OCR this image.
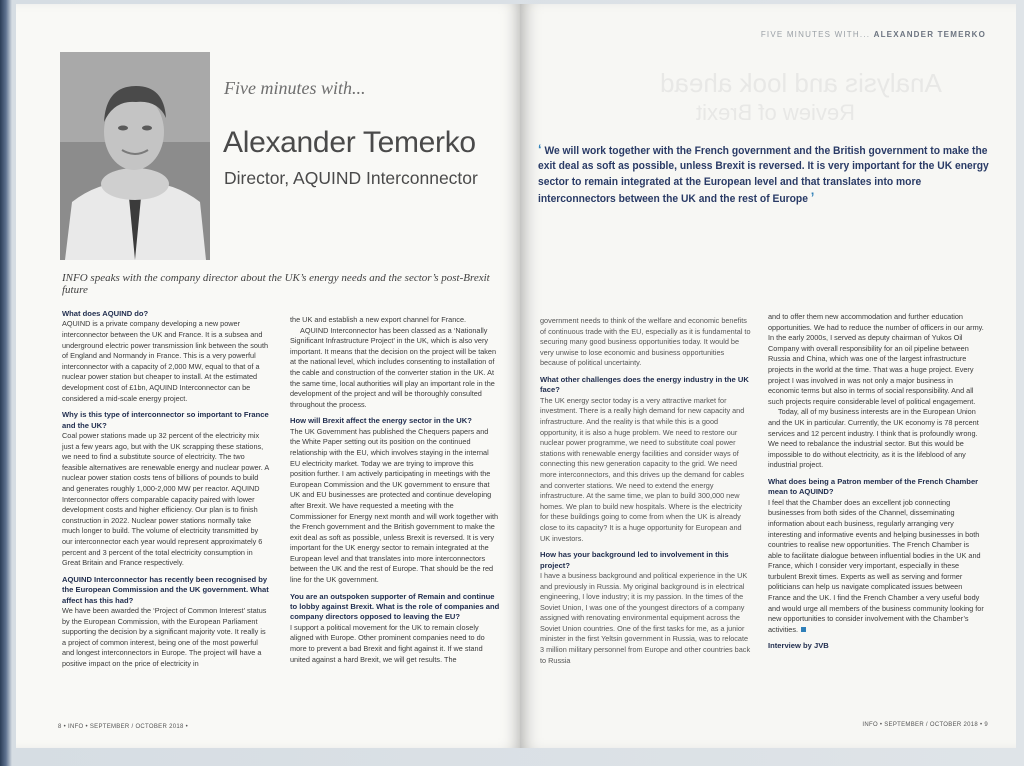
Five minutes with...
Alexander Temerko
Director, AQUIND Interconnector
INFO speaks with the company director about the UK’s energy needs and the sector’s post-Brexit future
What does AQUIND do?

AQUIND is a private company developing a new power interconnector between the UK and France. It is a subsea and underground electric power transmission link between the south of England and Normandy in France. This is a very powerful interconnector with a capacity of 2,000 MW, equal to that of a nuclear power station but cheaper to install. At the estimated development cost of £1bn, AQUIND Interconnector can be considered a mid-scale energy project.

Why is this type of interconnector so important to France and the UK?

Coal power stations made up 32 percent of the electricity mix just a few years ago, but with the UK scrapping these stations, we need to find a substitute source of electricity. The two feasible alternatives are renewable energy and nuclear power. A nuclear power station costs tens of billions of pounds to build and generates roughly 1,000-2,000 MW per reactor. AQUIND Interconnector offers comparable capacity paired with lower development costs and higher efficiency. Our plan is to finish construction in 2022. Nuclear power stations normally take much longer to build. The volume of electricity transmitted by our interconnector each year would represent approximately 6 percent and 3 percent of the total electricity consumption in Great Britain and France respectively.

AQUIND Interconnector has recently been recognised by the European Commission and the UK government. What affect has this had?

We have been awarded the ‘Project of Common Interest’ status by the European Commission, with the European Parliament supporting the decision by a significant majority vote. It really is a project of common interest, being one of the most powerful and longest interconnectors in Europe. The project will have a positive impact on the price of electricity in

the UK and establish a new export channel for France.

AQUIND Interconnector has been classed as a ‘Nationally Significant Infrastructure Project’ in the UK, which is also very important. It means that the decision on the project will be taken at the national level, which includes consenting to installation of the cable and construction of the converter station in the UK. At the same time, local authorities will play an important role in the development of the project and will be thoroughly consulted throughout the process.

How will Brexit affect the energy sector in the UK?

The UK Government has published the Chequers papers and the White Paper setting out its position on the continued relationship with the EU, which involves staying in the internal EU electricity market. Today we are trying to improve this position further. I am actively participating in meetings with the European Commission and the UK government to ensure that UK and EU businesses are protected and continue developing after Brexit. We have requested a meeting with the Commissioner for Energy next month and will work together with the French government and the British government to make the exit deal as soft as possible, unless Brexit is reversed. It is very important for the UK energy sector to remain integrated at the European level and that translates into more interconnectors between the UK and the rest of Europe. That should be the red line for the UK government.

You are an outspoken supporter of Remain and continue to lobby against Brexit. What is the role of companies and company directors opposed to leaving the EU?

I support a political movement for the UK to remain closely aligned with Europe. Other prominent companies need to do more to prevent a bad Brexit and fight against it. If we stand united against a hard Brexit, we will get results. The

8 • INFO • SEPTEMBER / OCTOBER 2018 •
Analysis and look ahead
Review of Brexit
FIVE MINUTES WITH... ALEXANDER TEMERKO
‘ We will work together with the French government and the British government to make the exit deal as soft as possible, unless Brexit is reversed. It is very important for the UK energy sector to remain integrated at the European level and that translates into more interconnectors between the UK and the rest of Europe ’

government needs to think of the welfare and economic benefits of continuous trade with the EU, especially as it is fundamental to securing many good business opportunities today. It would be very unwise to lose economic and business opportunities because of political uncertainty.

What other challenges does the energy industry in the UK face?

The UK energy sector today is a very attractive market for investment. There is a really high demand for new capacity and infrastructure. And the reality is that while this is a good opportunity, it is also a huge problem. We need to restore our nuclear power programme, we need to substitute coal power stations with renewable energy facilities and consider ways of connecting this new generation capacity to the grid. We need more interconnectors, and this drives up the demand for cables and converter stations. We need to extend the energy infrastructure. At the same time, we plan to build 300,000 new homes. We plan to build new hospitals. Where is the electricity for these buildings going to come from when the UK is already close to its capacity? It is a huge opportunity for European and UK investors.

How has your background led to involvement in this project?

I have a business background and political experience in the UK and previously in Russia. My original background is in electrical engineering, I love industry; it is my passion. In the times of the Soviet Union, I was one of the youngest directors of a company assigned with renovating environmental equipment across the Soviet Union countries. One of the first tasks for me, as a junior minister in the first Yeltsin government in Russia, was to relocate 3 million military personnel from Europe and other countries back to Russia

and to offer them new accommodation and further education opportunities. We had to reduce the number of officers in our army. In the early 2000s, I served as deputy chairman of Yukos Oil Company with overall responsibility for an oil pipeline between Russia and China, which was one of the largest infrastructure projects in the world at the time. That was a huge project. Every project I was involved in was not only a major business in economic terms but also in terms of social responsibility. And all such projects require considerable level of political engagement.

Today, all of my business interests are in the European Union and the UK in particular. Currently, the UK economy is 78 percent services and 12 percent industry. I think that is profoundly wrong. We need to rebalance the industrial sector. But this would be impossible to do without electricity, as it is the lifeblood of any industrial project.

What does being a Patron member of the French Chamber mean to AQUIND?

I feel that the Chamber does an excellent job connecting businesses from both sides of the Channel, disseminating information about each business, regularly arranging very interesting and informative events and helping businesses in both countries to realise new opportunities. The French Chamber is able to facilitate dialogue between influential bodies in the UK and France, which I consider very important, especially in these turbulent Brexit times. Experts as well as serving and former politicians can help us navigate complicated issues between France and the UK. I find the French Chamber a very useful body and would urge all members of the business community looking for new opportunities to consider involvement with the Chamber’s activities.

Interview by JVB
INFO • SEPTEMBER / OCTOBER 2018 • 9
